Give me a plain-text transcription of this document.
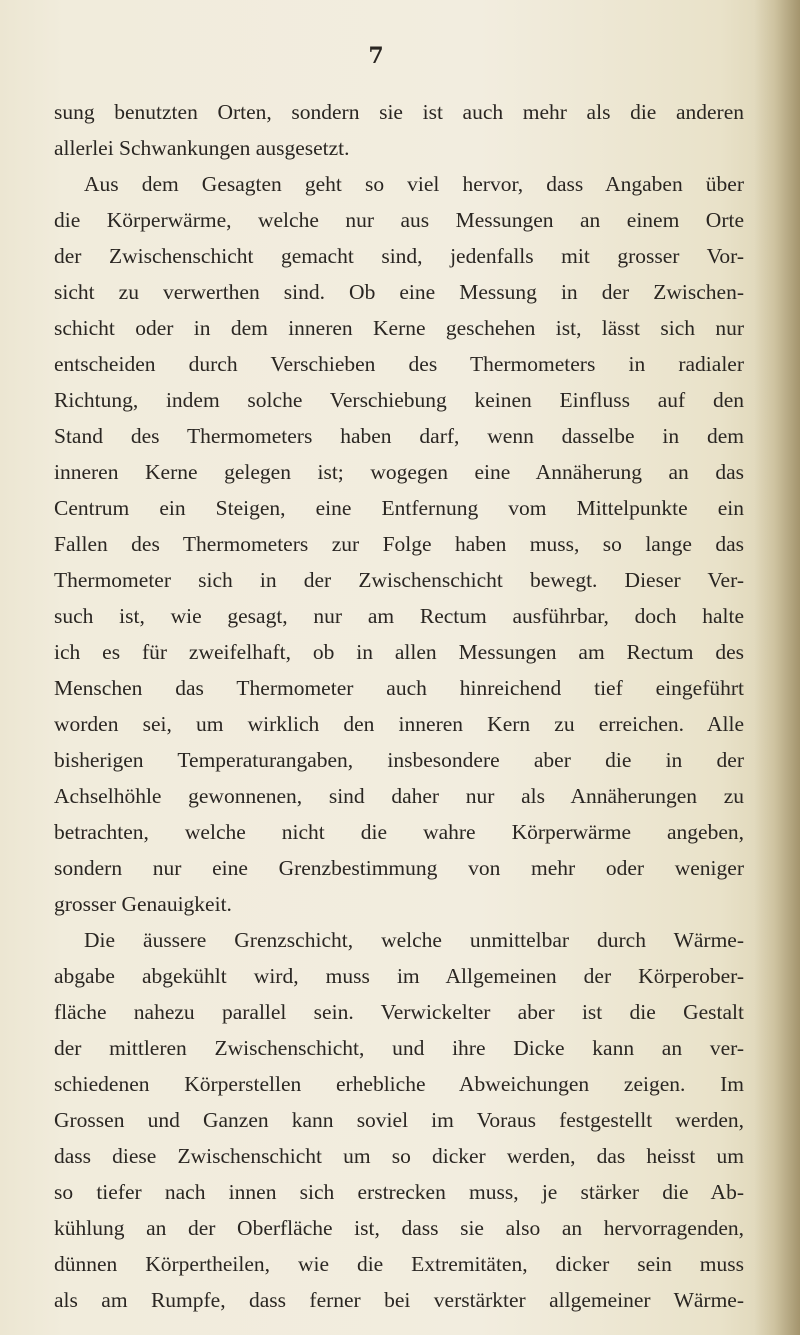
7
sung benutzten Orten, sondern sie ist auch mehr als die anderen
allerlei Schwankungen ausgesetzt.
Aus dem Gesagten geht so viel hervor, dass Angaben über
die Körperwärme, welche nur aus Messungen an einem Orte
der Zwischenschicht gemacht sind, jedenfalls mit grosser Vor-
sicht zu verwerthen sind. Ob eine Messung in der Zwischen-
schicht oder in dem inneren Kerne geschehen ist, lässt sich nur
entscheiden durch Verschieben des Thermometers in radialer
Richtung, indem solche Verschiebung keinen Einfluss auf den
Stand des Thermometers haben darf, wenn dasselbe in dem
inneren Kerne gelegen ist; wogegen eine Annäherung an das
Centrum ein Steigen, eine Entfernung vom Mittelpunkte ein
Fallen des Thermometers zur Folge haben muss, so lange das
Thermometer sich in der Zwischenschicht bewegt. Dieser Ver-
such ist, wie gesagt, nur am Rectum ausführbar, doch halte
ich es für zweifelhaft, ob in allen Messungen am Rectum des
Menschen das Thermometer auch hinreichend tief eingeführt
worden sei, um wirklich den inneren Kern zu erreichen. Alle
bisherigen Temperaturangaben, insbesondere aber die in der
Achselhöhle gewonnenen, sind daher nur als Annäherungen zu
betrachten, welche nicht die wahre Körperwärme angeben,
sondern nur eine Grenzbestimmung von mehr oder weniger
grosser Genauigkeit.
Die äussere Grenzschicht, welche unmittelbar durch Wärme-
abgabe abgekühlt wird, muss im Allgemeinen der Körperober-
fläche nahezu parallel sein. Verwickelter aber ist die Gestalt
der mittleren Zwischenschicht, und ihre Dicke kann an ver-
schiedenen Körperstellen erhebliche Abweichungen zeigen. Im
Grossen und Ganzen kann soviel im Voraus festgestellt werden,
dass diese Zwischenschicht um so dicker werden, das heisst um
so tiefer nach innen sich erstrecken muss, je stärker die Ab-
kühlung an der Oberfläche ist, dass sie also an hervorragenden,
dünnen Körpertheilen, wie die Extremitäten, dicker sein muss
als am Rumpfe, dass ferner bei verstärkter allgemeiner Wärme-
